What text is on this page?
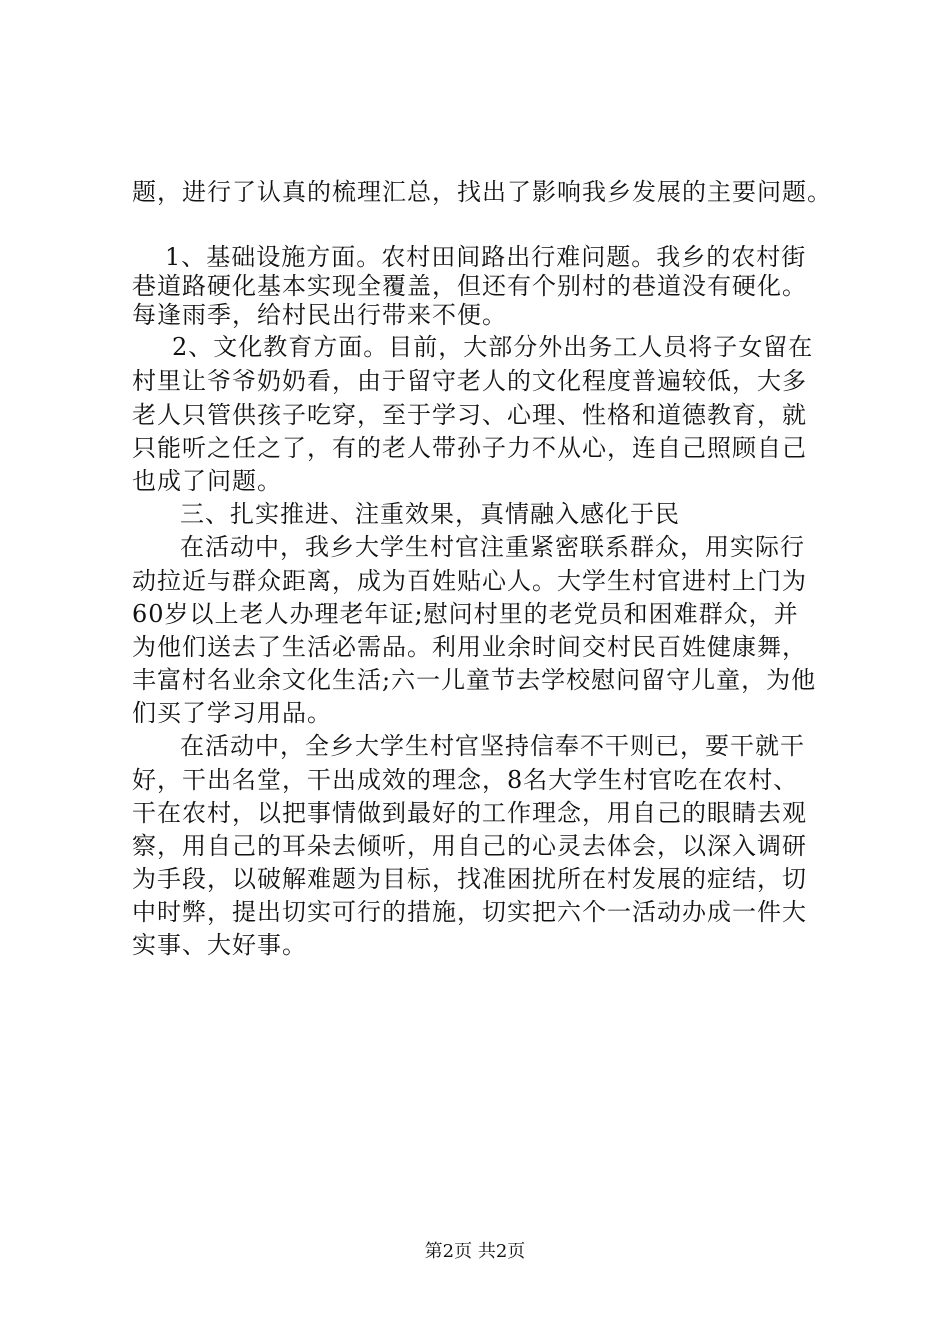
题，进行了认真的梳理汇总，找出了影响我乡发展的主要问题。
1、基础设施方面。农村田间路出行难问题。我乡的农村街
巷道路硬化基本实现全覆盖，但还有个别村的巷道没有硬化。
每逢雨季，给村民出行带来不便。
2、文化教育方面。目前，大部分外出务工人员将子女留在
村里让爷爷奶奶看，由于留守老人的文化程度普遍较低，大多
老人只管供孩子吃穿，至于学习、心理、性格和道德教育，就
只能听之任之了，有的老人带孙子力不从心，连自己照顾自己
也成了问题。
三、扎实推进、注重效果，真情融入感化于民
在活动中，我乡大学生村官注重紧密联系群众，用实际行
动拉近与群众距离，成为百姓贴心人。大学生村官进村上门为
60岁以上老人办理老年证;慰问村里的老党员和困难群众，并
为他们送去了生活必需品。利用业余时间交村民百姓健康舞，
丰富村名业余文化生活;六一儿童节去学校慰问留守儿童，为他
们买了学习用品。
在活动中，全乡大学生村官坚持信奉不干则已，要干就干
好，干出名堂，干出成效的理念，8名大学生村官吃在农村、
干在农村，以把事情做到最好的工作理念，用自己的眼睛去观
察，用自己的耳朵去倾听，用自己的心灵去体会，以深入调研
为手段，以破解难题为目标，找准困扰所在村发展的症结，切
中时弊，提出切实可行的措施，切实把六个一活动办成一件大
实事、大好事。
第2页 共2页
